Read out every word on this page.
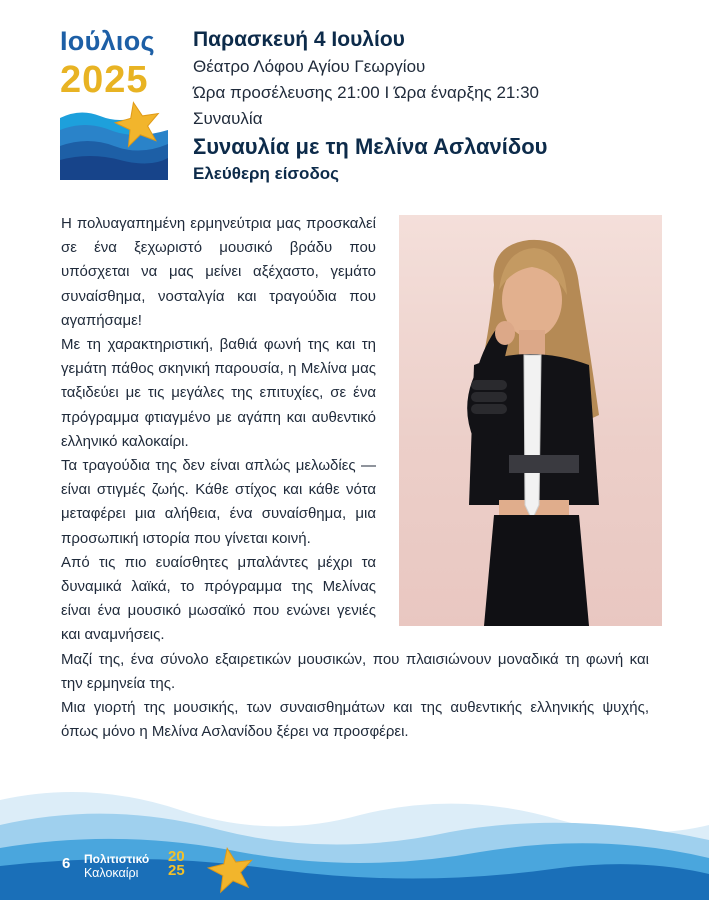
Ιούλιος
2025
Παρασκευή 4 Ιουλίου
Θέατρο Λόφου Αγίου Γεωργίου
Ώρα προσέλευσης 21:00 Ι Ώρα έναρξης 21:30
Συναυλία
Συναυλία με τη Μελίνα Ασλανίδου
Ελεύθερη είσοδος

Η πολυαγαπημένη ερμηνεύτρια μας προσκαλεί σε ένα ξεχωριστό μουσικό βράδυ που υπόσχεται να μας μείνει αξέχαστο, γεμάτο συναίσθημα, νοσταλγία και τραγούδια που αγαπήσαμε!

Με τη χαρακτηριστική, βαθιά φωνή της και τη γεμάτη πάθος σκηνική παρουσία, η Μελίνα μας ταξιδεύει με τις μεγάλες της επιτυχίες, σε ένα πρόγραμμα φτιαγμένο με αγάπη και αυθεντικό ελληνικό καλοκαίρι.

Τα τραγούδια της δεν είναι απλώς μελωδίες — είναι στιγμές ζωής. Κάθε στίχος και κάθε νότα μεταφέρει μια αλήθεια, ένα συναίσθημα, μια προσωπική ιστορία που γίνεται κοινή.

Από τις πιο ευαίσθητες μπαλάντες μέχρι τα δυναμικά λαϊκά, το πρόγραμμα της Μελίνας είναι ένα μουσικό μωσαϊκό που ενώνει γενιές και αναμνήσεις.

Μαζί της, ένα σύνολο εξαιρετικών μουσικών, που πλαισιώνουν μοναδικά τη φωνή και την ερμηνεία της.

Μια γιορτή της μουσικής, των συναισθημάτων και της αυθεντικής ελληνικής ψυχής, όπως μόνο η Μελίνα Ασλανίδου ξέρει να προσφέρει.

6 Πολιτιστικό
Καλοκαίρι
20
25
